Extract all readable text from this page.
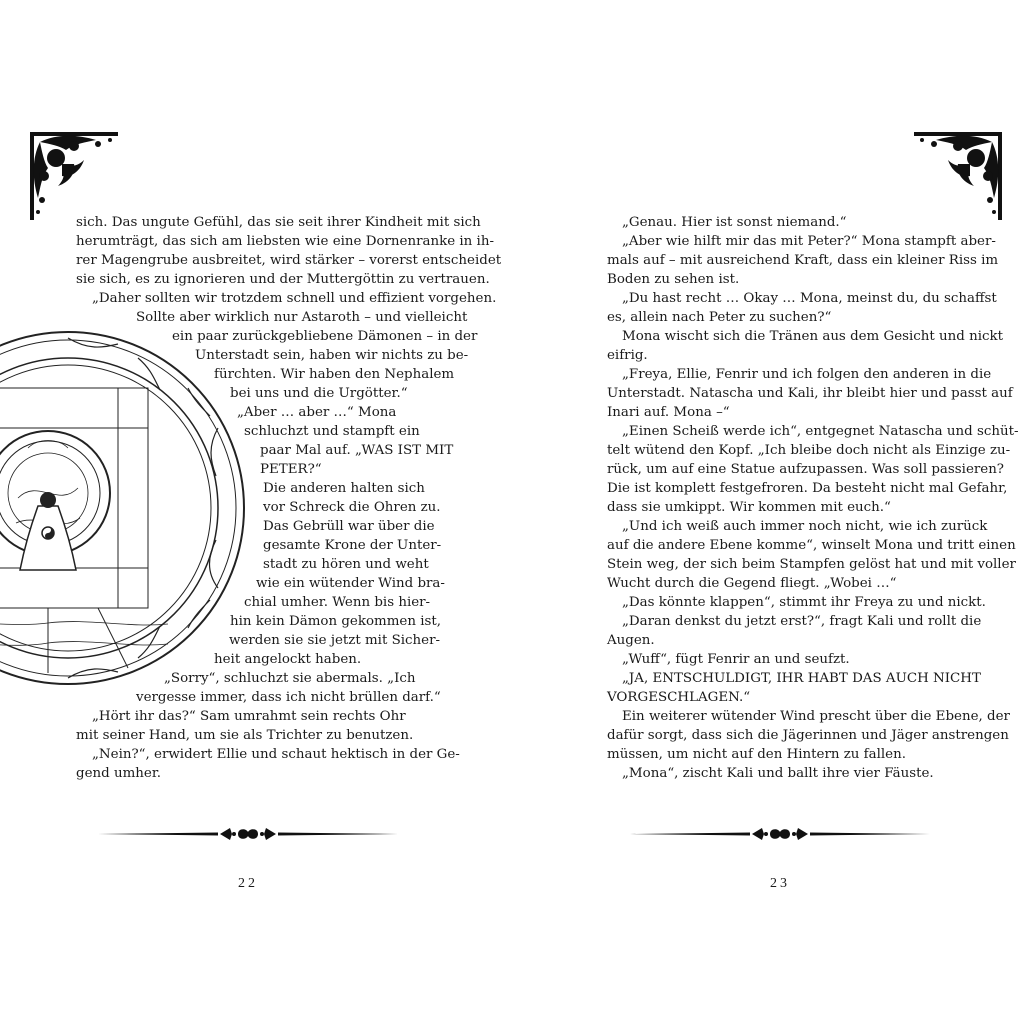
sich. Das ungute Gefühl, das sie seit ihrer Kindheit mit sich
herumträgt, das sich am liebsten wie eine Dornenranke in ih-
rer Magengrube ausbreitet, wird stärker – vorerst entscheidet
sie sich, es zu ignorieren und der Muttergöttin zu vertrauen.
„Daher sollten wir trotzdem schnell und effizient vorgehen.
Sollte aber wirklich nur Astaroth – und vielleicht
ein paar zurückgebliebene Dämonen – in der
Unterstadt sein, haben wir nichts zu be-
fürchten. Wir haben den Nephalem
bei uns und die Urgötter.“
„Aber … aber …“ Mona
schluchzt und stampft ein
paar Mal auf. „WAS IST MIT
PETER?“
Die anderen halten sich
vor Schreck die Ohren zu.
Das Gebrüll war über die
gesamte Krone der Unter-
stadt zu hören und weht
wie ein wütender Wind bra-
chial umher. Wenn bis hier-
hin kein Dämon gekommen ist,
werden sie sie jetzt mit Sicher-
heit angelockt haben.
„Sorry“, schluchzt sie abermals. „Ich
vergesse immer, dass ich nicht brüllen darf.“
„Hört ihr das?“ Sam umrahmt sein rechts Ohr
mit seiner Hand, um sie als Trichter zu benutzen.
„Nein?“, erwidert Ellie und schaut hektisch in der Ge-
gend umher.
22
„Genau. Hier ist sonst niemand.“
„Aber wie hilft mir das mit Peter?“ Mona stampft aber-
mals auf – mit ausreichend Kraft, dass ein kleiner Riss im
Boden zu sehen ist.
„Du hast recht … Okay … Mona, meinst du, du schaffst
es, allein nach Peter zu suchen?“
Mona wischt sich die Tränen aus dem Gesicht und nickt
eifrig.
„Freya, Ellie, Fenrir und ich folgen den anderen in die
Unterstadt. Natascha und Kali, ihr bleibt hier und passt auf
Inari auf. Mona –“
„Einen Scheiß werde ich“, entgegnet Natascha und schüt-
telt wütend den Kopf. „Ich bleibe doch nicht als Einzige zu-
rück, um auf eine Statue aufzupassen. Was soll passieren?
Die ist komplett festgefroren. Da besteht nicht mal Gefahr,
dass sie umkippt. Wir kommen mit euch.“
„Und ich weiß auch immer noch nicht, wie ich zurück
auf die andere Ebene komme“, winselt Mona und tritt einen
Stein weg, der sich beim Stampfen gelöst hat und mit voller
Wucht durch die Gegend fliegt. „Wobei …“
„Das könnte klappen“, stimmt ihr Freya zu und nickt.
„Daran denkst du jetzt erst?“, fragt Kali und rollt die
Augen.
„Wuff“, fügt Fenrir an und seufzt.
„JA, ENTSCHULDIGT, IHR HABT DAS AUCH NICHT
VORGESCHLAGEN.“
Ein weiterer wütender Wind prescht über die Ebene, der
dafür sorgt, dass sich die Jägerinnen und Jäger anstrengen
müssen, um nicht auf den Hintern zu fallen.
„Mona“, zischt Kali und ballt ihre vier Fäuste.
23
